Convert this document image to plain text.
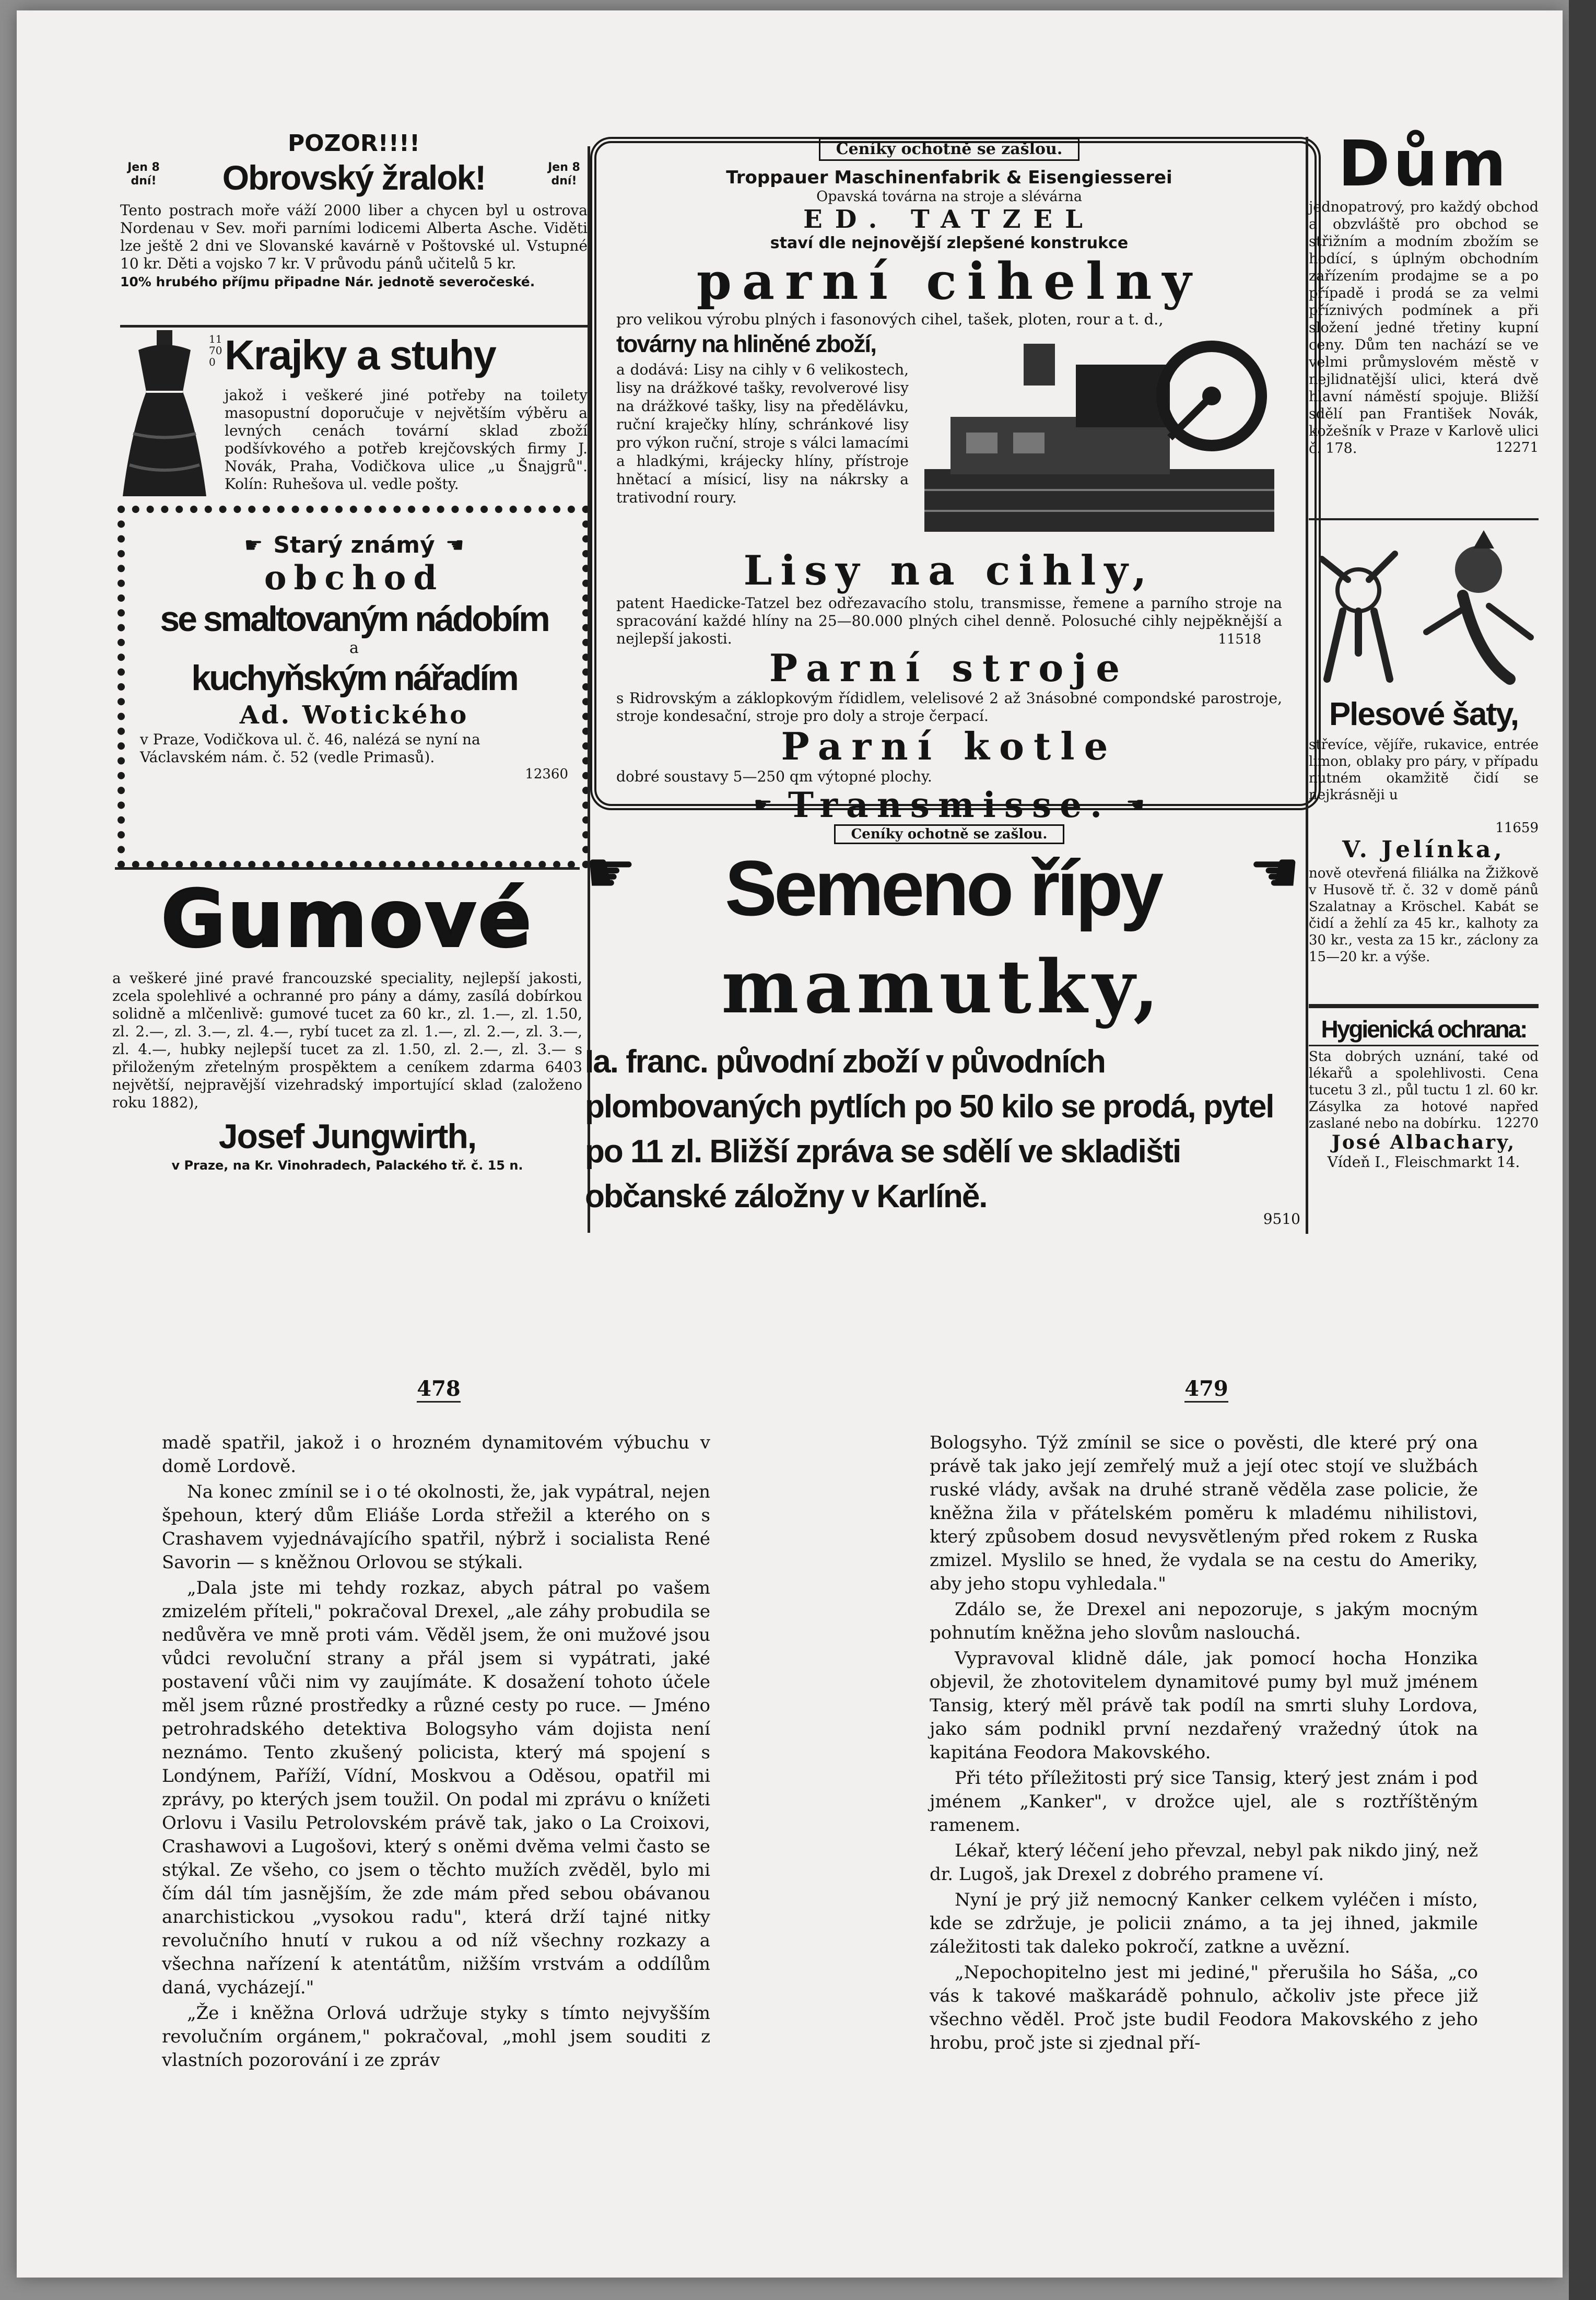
POZOR!!!!
Jen 8 dní!	Obrovský žralok!	Jen 8 dní!
Tento postrach moře váží 2000 liber a chycen byl u ostrova Nordenau v Sev. moři parními lodicemi Alberta Asche. Viděti lze ještě 2 dni ve Slovanské kavárně v Poštovské ul. Vstupné 10 kr. Děti a vojsko 7 kr. V průvodu pánů učitelů 5 kr.
10% hrubého příjmu připadne Nár. jednotě severočeské.
11700 Krajky a stuhy
jakož i veškeré jiné potřeby na toilety masopustní doporučuje v největším výběru a levných cenách tovární sklad zboží podšívkového a potřeb krejčovských firmy J. Novák, Praha, Vodičkova ulice „u Šnajgrů". Kolín: Ruhešova ul. vedle pošty.
☛ Starý známý ☛
obchod
se smaltovaným nádobím
a
kuchyňským nářadím
Ad. Wotického
v Praze, Vodičkova ul. č. 46, nalézá se nyní na Václavském nám. č. 52 (vedle Primasů).
12360
Gumové
a veškeré jiné pravé francouzské speciality, nejlepší jakosti, zcela spolehlivé a ochranné pro pány a dámy, zasílá dobírkou solidně a mlčenlivě: gumové tucet za 60 kr., zl. 1.—, zl. 1.50, zl. 2.—, zl. 3.—, zl. 4.—, rybí tucet za zl. 1.—, zl. 2.—, zl. 3.—, zl. 4.—, hubky nejlepší tucet za zl. 1.50, zl. 2.—, zl. 3.— s přiloženým zřetelným prospěktem a ceníkem zdarma 6403 největší, nejpravější vizehradský importující sklad (založeno roku 1882),
Josef Jungwirth,
v Praze, na Kr. Vinohradech, Palackého tř. č. 15 n.
Ceníky ochotně se zašlou.
Troppauer Maschinenfabrik & Eisengiesserei
Opavská továrna na stroje a slévárna
ED. TATZEL
staví dle nejnovější zlepšené konstrukce
parní cihelny
pro velikou výrobu plných i fasonových cihel, tašek, ploten, rour a t. d.,
továrny na hliněné zboží,
a dodává: Lisy na cihly v 6 velikostech, lisy na drážkové tašky, revolverové lisy na drážkové tašky, lisy na předělávku, ruční kraječky hlíny, schránkové lisy pro výkon ruční, stroje s válci lamacími a hladkými, krájecky hlíny, přístroje hnětací a mísicí, lisy na nákrsky a trativodní roury.
Lisy na cihly,
patent Haedicke-Tatzel bez odřezavacího stolu, transmisse, řemene a parního stroje na spracování každé hlíny na 25—80.000 plných cihel denně. Polosuché cihly nejpěknější a nejlepší jakosti.	11518
Parní stroje
s Ridrovským a záklopkovým řídidlem, velelisové 2 až 3násobné compondské parostroje, stroje kondesační, stroje pro doly a stroje čerpací.
Parní kotle
dobré soustavy 5—250 qm výtopné plochy.
☛ Transmisse. ☛
Ceníky ochotně se zašlou.
☛	☛
Semeno řípy
mamutky,
Ia. franc. původní zboží v původních plombovaných pytlích po 50 kilo se prodá, pytel po 11 zl. Bližší zpráva se sdělí ve skladišti občanské záložny v Karlíně.
9510
Dům
jednopatrový, pro každý obchod a obzvláště pro obchod se střižním a modním zbožím se hodící, s úplným obchodním zařízením prodajme se a po případě i prodá se za velmi příznivých podmínek a při složení jedné třetiny kupní ceny. Dům ten nachází se ve velmi průmyslovém městě v nejlidnatější ulici, která dvě hlavní náměstí spojuje. Bližší sdělí pan František Novák, kožešník v Praze v Karlově ulici č. 178.	12271
Plesové šaty,
střevíce, vějíře, rukavice, entrée limon, oblaky pro páry, v případu nutném okamžitě čidí se nejkrásněji u
11659
V. Jelínka,
nově otevřená filiálka na Žižkově v Husově tř. č. 32 v domě pánů Szalatnay a Kröschel. Kabát se čidí a žehlí za 45 kr., kalhoty za 30 kr., vesta za 15 kr., záclony za 15—20 kr. a výše.
Hygienická ochrana:
Sta dobrých uznání, také od lékařů a spolehlivosti. Cena tucetu 3 zl., půl tuctu 1 zl. 60 kr. Zásylka za hotové napřed zaslané nebo na dobírku.	12270
José Albachary,
Vídeň I., Fleischmarkt 14.
478	479

madě spatřil, jakož i o hrozném dynamitovém výbuchu v domě Lordově.

Na konec zmínil se i o té okolnosti, že, jak vypátral, nejen špehoun, který dům Eliáše Lorda střežil a kterého on s Crashavem vyjednávajícího spatřil, nýbrž i socialista René Savorin — s kněžnou Orlovou se stýkali.

„Dala jste mi tehdy rozkaz, abych pátral po vašem zmizelém příteli," pokračoval Drexel, „ale záhy probudila se nedůvěra ve mně proti vám. Věděl jsem, že oni mužové jsou vůdci revoluční strany a přál jsem si vypátrati, jaké postavení vůči nim vy zaujímáte. K dosažení tohoto účele měl jsem různé prostředky a různé cesty po ruce. — Jméno petrohradského detektiva Bologsyho vám dojista není neznámo. Tento zkušený policista, který má spojení s Londýnem, Paříží, Vídní, Moskvou a Oděsou, opatřil mi zprávy, po kterých jsem toužil. On podal mi zprávu o knížeti Orlovu i Vasilu Petrolovském právě tak, jako o La Croixovi, Crashawovi a Lugošovi, který s oněmi dvěma velmi často se stýkal. Ze všeho, co jsem o těchto mužích zvěděl, bylo mi čím dál tím jasnějším, že zde mám před sebou obávanou anarchistickou „vysokou radu", která drží tajné nitky revolučního hnutí v rukou a od níž všechny rozkazy a všechna nařízení k atentátům, nižším vrstvám a oddílům daná, vycházejí."

„Že i kněžna Orlová udržuje styky s tímto nejvyšším revolučním orgánem," pokračoval, „mohl jsem souditi z vlastních pozorování i ze zpráv

Bologsyho. Týž zmínil se sice o pověsti, dle které prý ona právě tak jako její zemřelý muž a její otec stojí ve službách ruské vlády, avšak na druhé straně věděla zase policie, že kněžna žila v přátelském poměru k mladému nihilistovi, který způsobem dosud nevysvětleným před rokem z Ruska zmizel. Myslilo se hned, že vydala se na cestu do Ameriky, aby jeho stopu vyhledala."

Zdálo se, že Drexel ani nepozoruje, s jakým mocným pohnutím kněžna jeho slovům naslouchá.

Vypravoval klidně dále, jak pomocí hocha Honzika objevil, že zhotovitelem dynamitové pumy byl muž jménem Tansig, který měl právě tak podíl na smrti sluhy Lordova, jako sám podnikl první nezdařený vražedný útok na kapitána Feodora Makovského.

Při této příležitosti prý sice Tansig, který jest znám i pod jménem „Kanker", v drožce ujel, ale s roztříštěným ramenem.

Lékař, který léčení jeho převzal, nebyl pak nikdo jiný, než dr. Lugoš, jak Drexel z dobrého pramene ví.

Nyní je prý již nemocný Kanker celkem vyléčen i místo, kde se zdržuje, je policii známo, a ta jej ihned, jakmile záležitosti tak daleko pokročí, zatkne a uvězní.

„Nepochopitelno jest mi jediné," přerušila ho Sáša, „co vás k takové maškarádě pohnulo, ačkoliv jste přece již všechno věděl. Proč jste budil Feodora Makovského z jeho hrobu, proč jste si zjednal pří-
